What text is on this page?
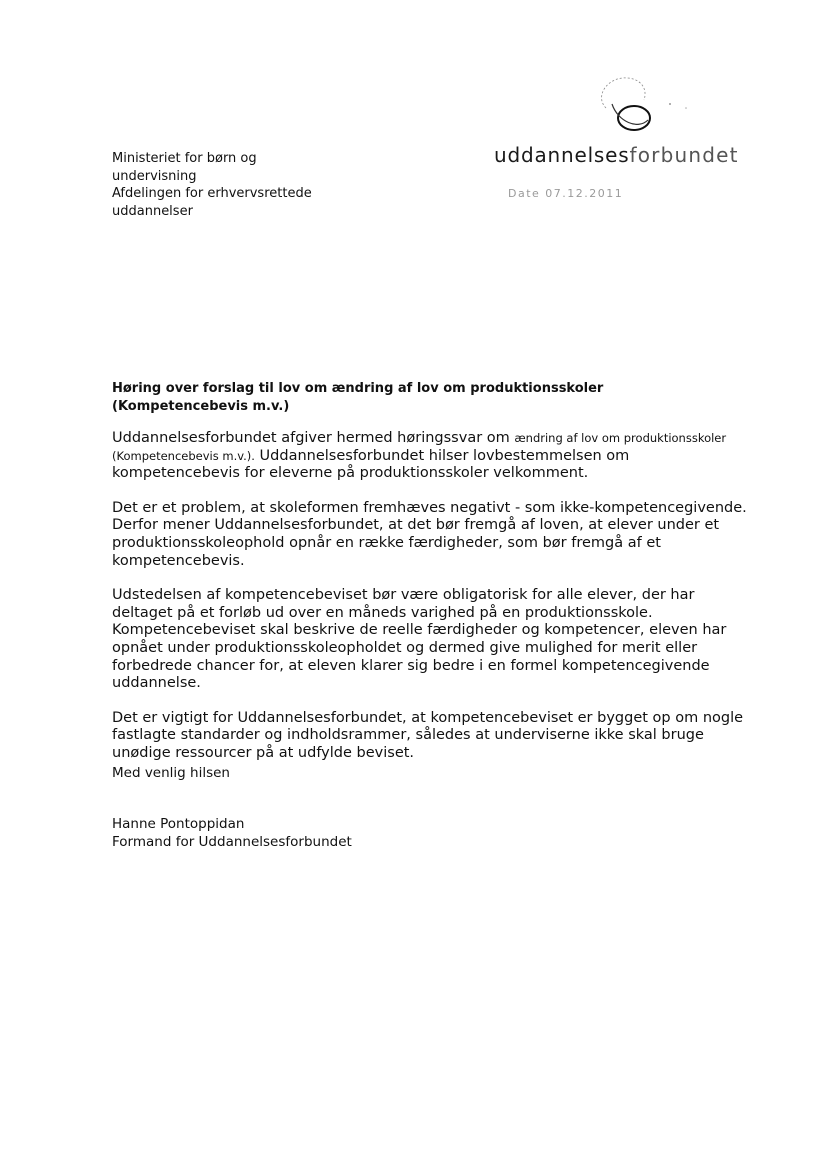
uddannelsesforbundet
Date 07.12.2011
Ministeriet for børn og
undervisning
Afdelingen for erhvervsrettede
uddannelser
Høring over forslag til lov om ændring af lov om produktionsskoler (Kompetencebevis m.v.)

Uddannelsesforbundet afgiver hermed høringssvar om ændring af lov om produktionsskoler (Kompetencebevis m.v.). Uddannelsesforbundet hilser lovbestemmelsen om kompetencebevis for eleverne på produktionsskoler velkomment.

Det er et problem, at skoleformen fremhæves negativt - som ikke-kompetencegivende. Derfor mener Uddannelsesforbundet, at det bør fremgå af loven, at elever under et produktionsskoleophold opnår en række færdigheder, som bør fremgå af et kompetencebevis.

Udstedelsen af kompetencebeviset bør være obligatorisk for alle elever, der har deltaget på et forløb ud over en måneds varighed på en produktionsskole. Kompetencebeviset skal beskrive de reelle færdigheder og kompetencer, eleven har opnået under produktionsskoleopholdet og dermed give mulighed for merit eller forbedrede chancer for, at eleven klarer sig bedre i en formel kompetencegivende uddannelse.

Det er vigtigt for Uddannelsesforbundet, at kompetencebeviset er bygget op om nogle fastlagte standarder og indholdsrammer, således at underviserne ikke skal bruge unødige ressourcer på at udfylde beviset.

Med venlig hilsen
Hanne Pontoppidan
Formand for Uddannelsesforbundet
